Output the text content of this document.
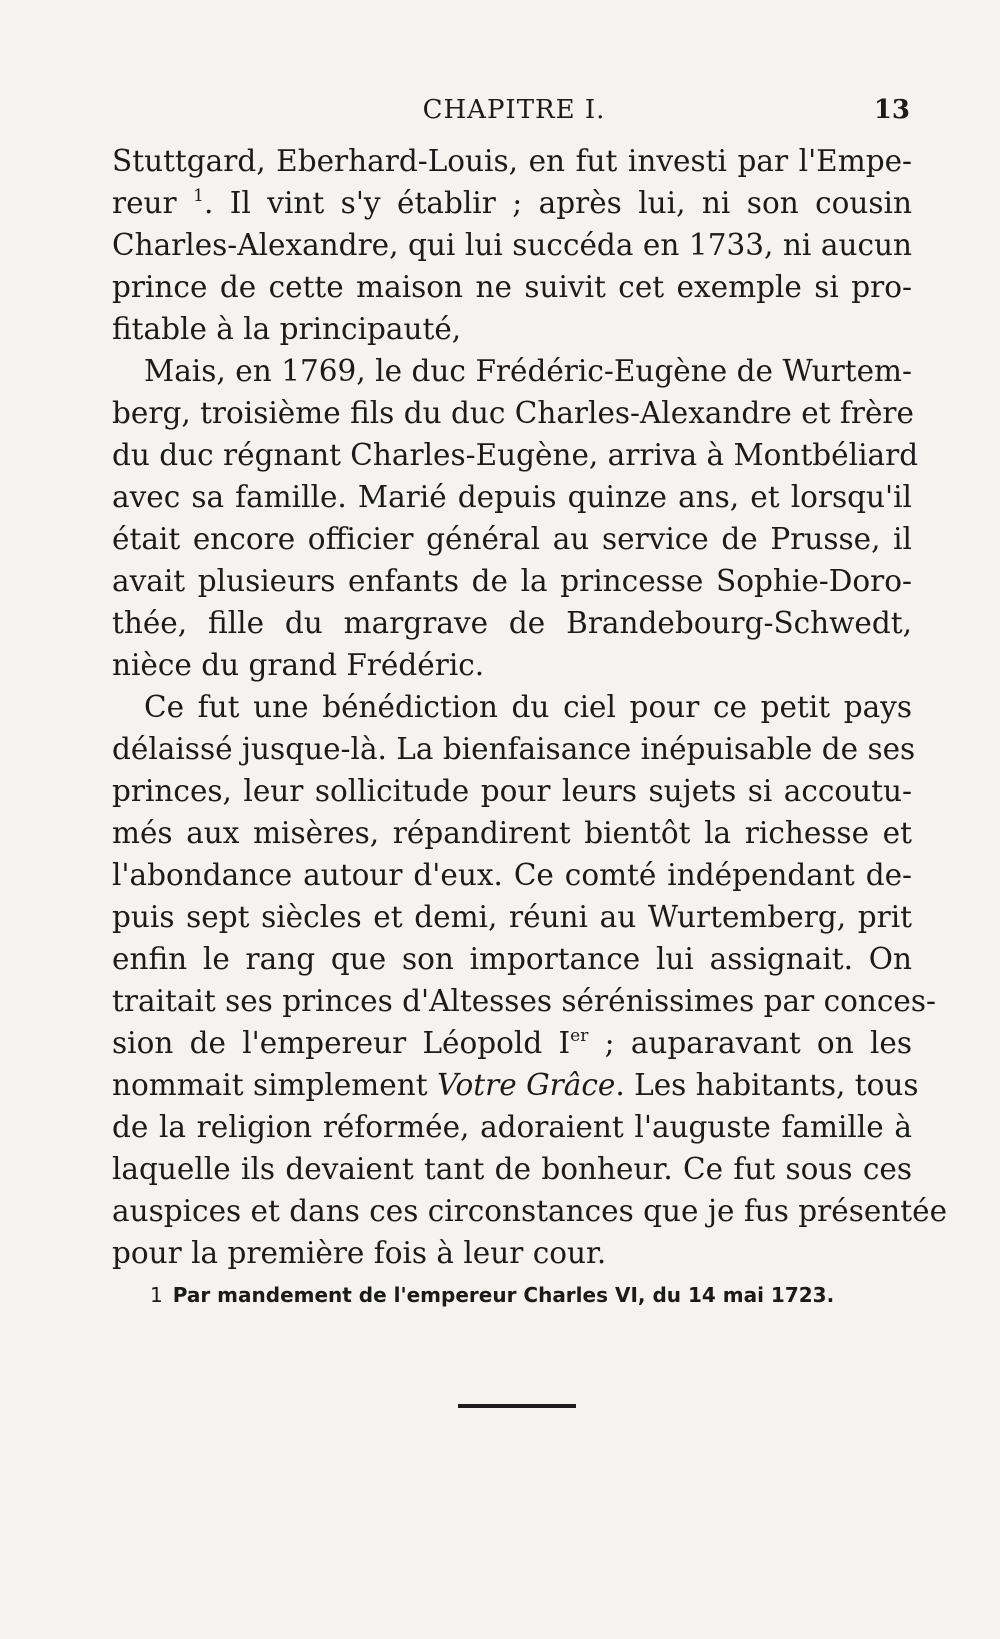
CHAPITRE I.	13
Stuttgard, Eberhard-Louis, en fut investi par l'Empe-
reur $^1$. Il vint s'y établir ; après lui, ni son cousin
Charles-Alexandre, qui lui succéda en 1733, ni aucun
prince de cette maison ne suivit cet exemple si pro-
fitable à la principauté,
Mais, en 1769, le duc Frédéric-Eugène de Wurtem-
berg, troisième fils du duc Charles-Alexandre et frère
du duc régnant Charles-Eugène, arriva à Montbéliard
avec sa famille. Marié depuis quinze ans, et lorsqu'il
était encore officier général au service de Prusse, il
avait plusieurs enfants de la princesse Sophie-Doro-
thée, fille du margrave de Brandebourg-Schwedt,
nièce du grand Frédéric.
Ce fut une bénédiction du ciel pour ce petit pays
délaissé jusque-là. La bienfaisance inépuisable de ses
princes, leur sollicitude pour leurs sujets si accoutu-
més aux misères, répandirent bientôt la richesse et
l'abondance autour d'eux. Ce comté indépendant de-
puis sept siècles et demi, réuni au Wurtemberg, prit
enfin le rang que son importance lui assignait. On
traitait ses princes d'Altesses sérénissimes par conces-
sion de l'empereur Léopold Ier ; auparavant on les
nommait simplement Votre Grâce. Les habitants, tous
de la religion réformée, adoraient l'auguste famille à
laquelle ils devaient tant de bonheur. Ce fut sous ces
auspices et dans ces circonstances que je fus présentée
pour la première fois à leur cour.
1 Par mandement de l'empereur Charles VI, du 14 mai 1723.
